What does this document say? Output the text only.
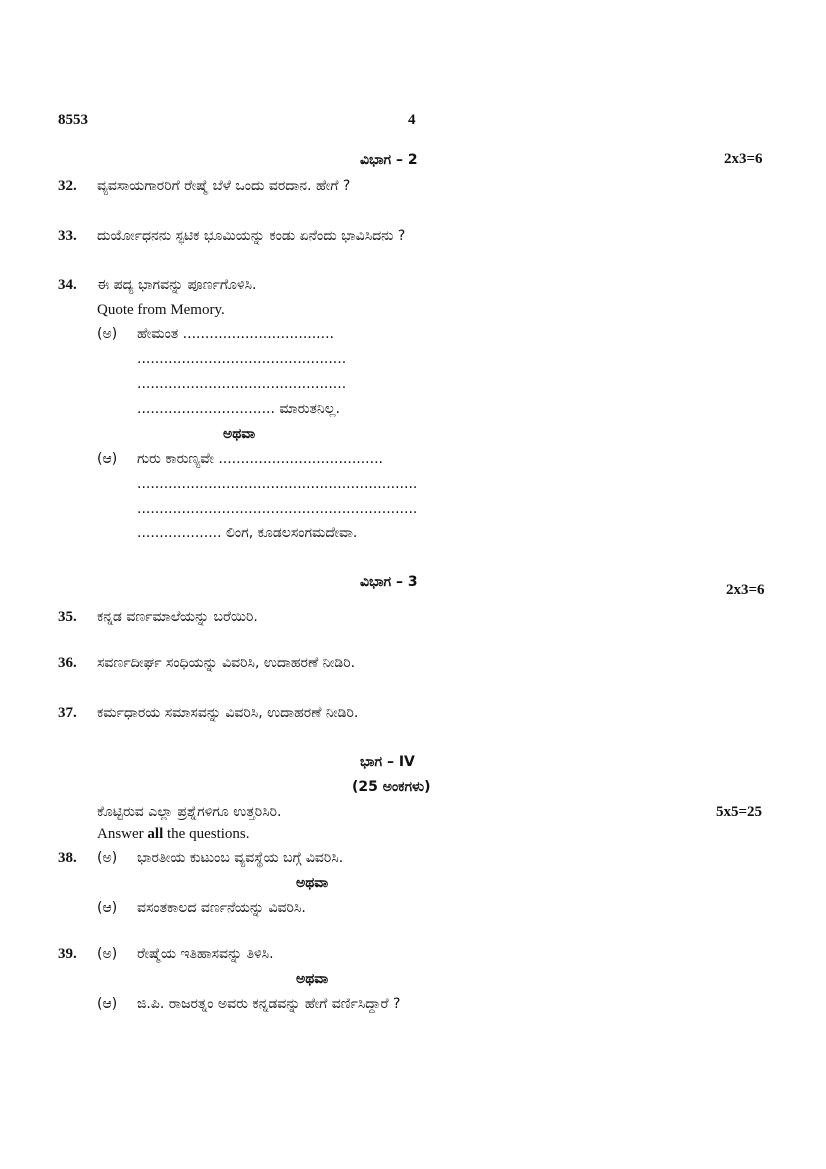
8553	4
ವಿಭಾಗ – 2	2x3=6
32. ವ್ಯವಸಾಯಗಾರರಿಗೆ ರೇಷ್ಮೆ ಬೆಳೆ ಒಂದು ವರದಾನ. ಹೇಗೆ ?
33. ದುರ್ಯೋಧನನು ಸ್ಫಟಿಕ ಭೂಮಿಯನ್ನು ಕಂಡು ಏನೆಂದು ಭಾವಿಸಿದನು ?
34. ಈ ಪದ್ಯ ಭಾಗವನ್ನು ಪೂರ್ಣಗೊಳಿಸಿ.
Quote from Memory.
(ಅ) ಹೇಮಂತ ..................................
...............................................
...............................................
............................... ಮಾರುತನಿಲ್ಲ.
ಅಥವಾ
(ಆ) ಗುರು ಕಾರುಣ್ಯವೇ .....................................
...............................................................
...............................................................
................... ಲಿಂಗ, ಕೂಡಲಸಂಗಮದೇವಾ.
ವಿಭಾಗ – 3	2x3=6
35. ಕನ್ನಡ ವರ್ಣಮಾಲೆಯನ್ನು ಬರೆಯಿರಿ.
36. ಸವರ್ಣದೀರ್ಘ ಸಂಧಿಯನ್ನು ವಿವರಿಸಿ, ಉದಾಹರಣೆ ನೀಡಿರಿ.
37. ಕರ್ಮಧಾರಯ ಸಮಾಸವನ್ನು ವಿವರಿಸಿ, ಉದಾಹರಣೆ ನೀಡಿರಿ.
ಭಾಗ – IV
(25 ಅಂಕಗಳು)
ಕೊಟ್ಟಿರುವ ಎಲ್ಲಾ ಪ್ರಶ್ನೆಗಳಿಗೂ ಉತ್ತರಿಸಿರಿ.	5x5=25
Answer all the questions.
38. (ಅ) ಭಾರತೀಯ ಕುಟುಂಬ ವ್ಯವಸ್ಥೆಯ ಬಗ್ಗೆ ವಿವರಿಸಿ.
ಅಥವಾ
(ಆ) ವಸಂತಕಾಲದ ವರ್ಣನೆಯನ್ನು ವಿವರಿಸಿ.
39. (ಅ) ರೇಷ್ಮೆಯ ಇತಿಹಾಸವನ್ನು ತಿಳಿಸಿ.
ಅಥವಾ
(ಆ) ಜಿ.ಪಿ. ರಾಜರತ್ನಂ ಅವರು ಕನ್ನಡವನ್ನು ಹೇಗೆ ವರ್ಣಿಸಿದ್ದಾರೆ ?
